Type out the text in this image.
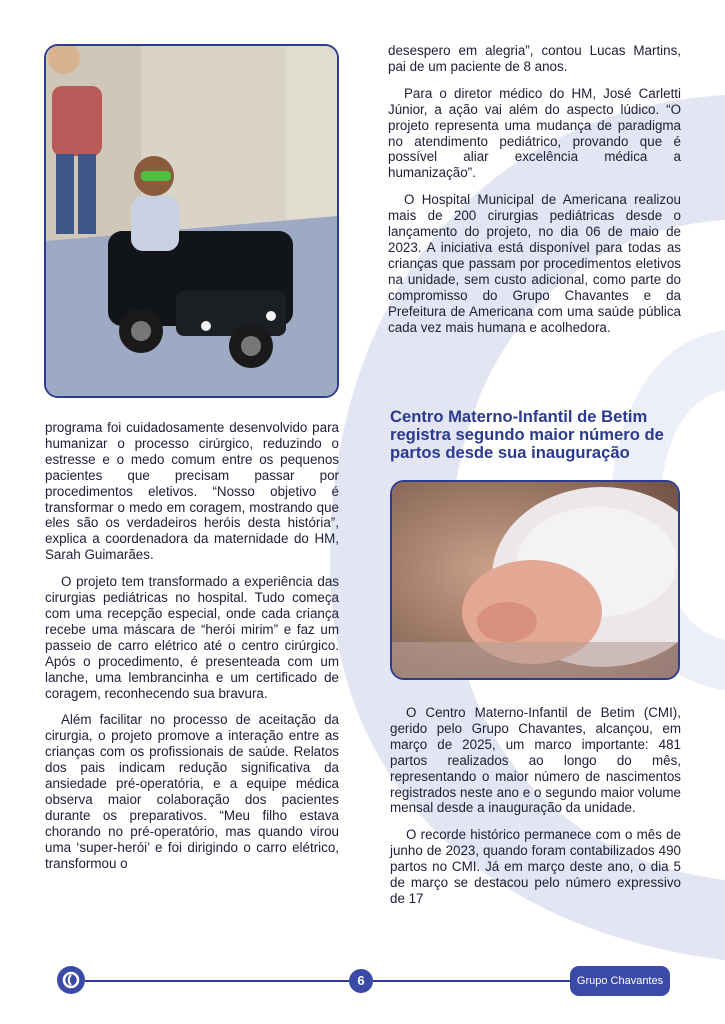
desespero em alegria”, contou Lucas Martins, pai de um paciente de 8 anos.

Para o diretor médico do HM, José Carletti Júnior, a ação vai além do aspecto lúdico. “O projeto representa uma mudança de paradigma no atendimento pediátrico, provando que é possível aliar excelência médica a humanização”.

O Hospital Municipal de Americana realizou mais de 200 cirurgias pediátricas desde o lançamento do projeto, no dia 06 de maio de 2023. A iniciativa está disponível para todas as crianças que passam por procedimentos eletivos na unidade, sem custo adicional, como parte do compromisso do Grupo Chavantes e da Prefeitura de Americana com uma saúde pública cada vez mais humana e acolhedora.

programa foi cuidadosamente desenvolvido para humanizar o processo cirúrgico, reduzindo o estresse e o medo comum entre os pequenos pacientes que precisam passar por procedimentos eletivos. “Nosso objetivo é transformar o medo em coragem, mostrando que eles são os verdadeiros heróis desta história”, explica a coordenadora da maternidade do HM, Sarah Guimarães.

O projeto tem transformado a experiência das cirurgias pediátricas no hospital. Tudo começa com uma recepção especial, onde cada criança recebe uma máscara de “herói mirim” e faz um passeio de carro elétrico até o centro cirúrgico. Após o procedimento, é presenteada com um lanche, uma lembrancinha e um certificado de coragem, reconhecendo sua bravura.

Além facilitar no processo de aceitação da cirurgia, o projeto promove a interação entre as crianças com os profissionais de saúde. Relatos dos pais indicam redução significativa da ansiedade pré-operatória, e a equipe médica observa maior colaboração dos pacientes durante os preparativos. “Meu filho estava chorando no pré-operatório, mas quando virou uma ‘super-herói’ e foi dirigindo o carro elétrico, transformou o

Centro Materno-Infantil de Betim registra segundo maior número de partos desde sua inauguração

O Centro Materno-Infantil de Betim (CMI), gerido pelo Grupo Chavantes, alcançou, em março de 2025, um marco importante: 481 partos realizados ao longo do mês, representando o maior número de nascimentos registrados neste ano e o segundo maior volume mensal desde a inauguração da unidade.

O recorde histórico permanece com o mês de junho de 2023, quando foram contabilizados 490 partos no CMI. Já em março deste ano, o dia 5 de março se destacou pelo número expressivo de 17

6	Grupo Chavantes
